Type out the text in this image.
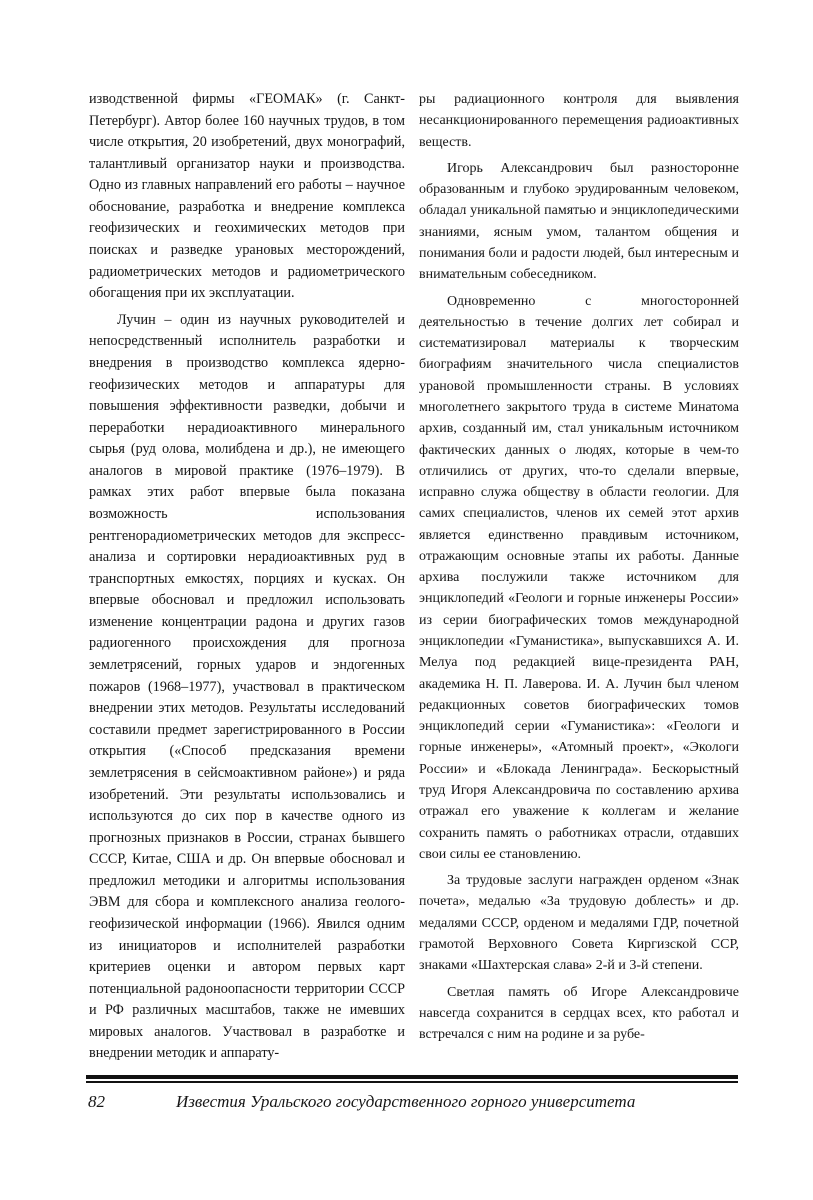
изводственной фирмы «ГЕОМАК» (г. Санкт-Петербург). Автор более 160 научных трудов, в том числе открытия, 20 изобретений, двух монографий, талантливый организатор науки и производства. Одно из главных направлений его работы – научное обоснование, разработка и внедрение комплекса геофизических и геохимических методов при поисках и разведке урановых месторождений, радиометрических методов и радиометрического обогащения при их эксплуатации.

Лучин – один из научных руководителей и непосредственный исполнитель разработки и внедрения в производство комплекса ядерно-геофизических методов и аппаратуры для повышения эффективности разведки, добычи и переработки нерадиоактивного минерального сырья (руд олова, молибдена и др.), не имеющего аналогов в мировой практике (1976–1979). В рамках этих работ впервые была показана возможность использования рентгенорадиометрических методов для экспресс-анализа и сортировки нерадиоактивных руд в транспортных емкостях, порциях и кусках. Он впервые обосновал и предложил использовать изменение концентрации радона и других газов радиогенного происхождения для прогноза землетрясений, горных ударов и эндогенных пожаров (1968–1977), участвовал в практическом внедрении этих методов. Результаты исследований составили предмет зарегистрированного в России открытия («Способ предсказания времени землетрясения в сейсмоактивном районе») и ряда изобретений. Эти результаты использовались и используются до сих пор в качестве одного из прогнозных признаков в России, странах бывшего СССР, Китае, США и др. Он впервые обосновал и предложил методики и алгоритмы использования ЭВМ для сбора и комплексного анализа геолого-геофизической информации (1966). Явился одним из инициаторов и исполнителей разработки критериев оценки и автором первых карт потенциальной радоноопасности территории СССР и РФ различных масштабов, также не имевших мировых аналогов. Участвовал в разработке и внедрении методик и аппарату-

ры радиационного контроля для выявления несанкционированного перемещения радиоактивных веществ.

Игорь Александрович был разносторонне образованным и глубоко эрудированным человеком, обладал уникальной памятью и энциклопедическими знаниями, ясным умом, талантом общения и понимания боли и радости людей, был интересным и внимательным собеседником.

Одновременно с многосторонней деятельностью в течение долгих лет собирал и систематизировал материалы к творческим биографиям значительного числа специалистов урановой промышленности страны. В условиях многолетнего закрытого труда в системе Минатома архив, созданный им, стал уникальным источником фактических данных о людях, которые в чем-то отличились от других, что-то сделали впервые, исправно служа обществу в области геологии. Для самих специалистов, членов их семей этот архив является единственно правдивым источником, отражающим основные этапы их работы. Данные архива послужили также источником для энциклопедий «Геологи и горные инженеры России» из серии биографических томов международной энциклопедии «Гуманистика», выпускавшихся А. И. Мелуа под редакцией вице-президента РАН, академика Н. П. Лаверова. И. А. Лучин был членом редакционных советов биографических томов энциклопедий серии «Гуманистика»: «Геологи и горные инженеры», «Атомный проект», «Экологи России» и «Блокада Ленинграда». Бескорыстный труд Игоря Александровича по составлению архива отражал его уважение к коллегам и желание сохранить память о работниках отрасли, отдавших свои силы ее становлению.

За трудовые заслуги награжден орденом «Знак почета», медалью «За трудовую доблесть» и др. медалями СССР, орденом и медалями ГДР, почетной грамотой Верховного Совета Киргизской ССР, знаками «Шахтерская слава» 2-й и 3-й степени.

Светлая память об Игоре Александровиче навсегда сохранится в сердцах всех, кто работал и встречался с ним на родине и за рубе-

82	Известия Уральского государственного горного университета
